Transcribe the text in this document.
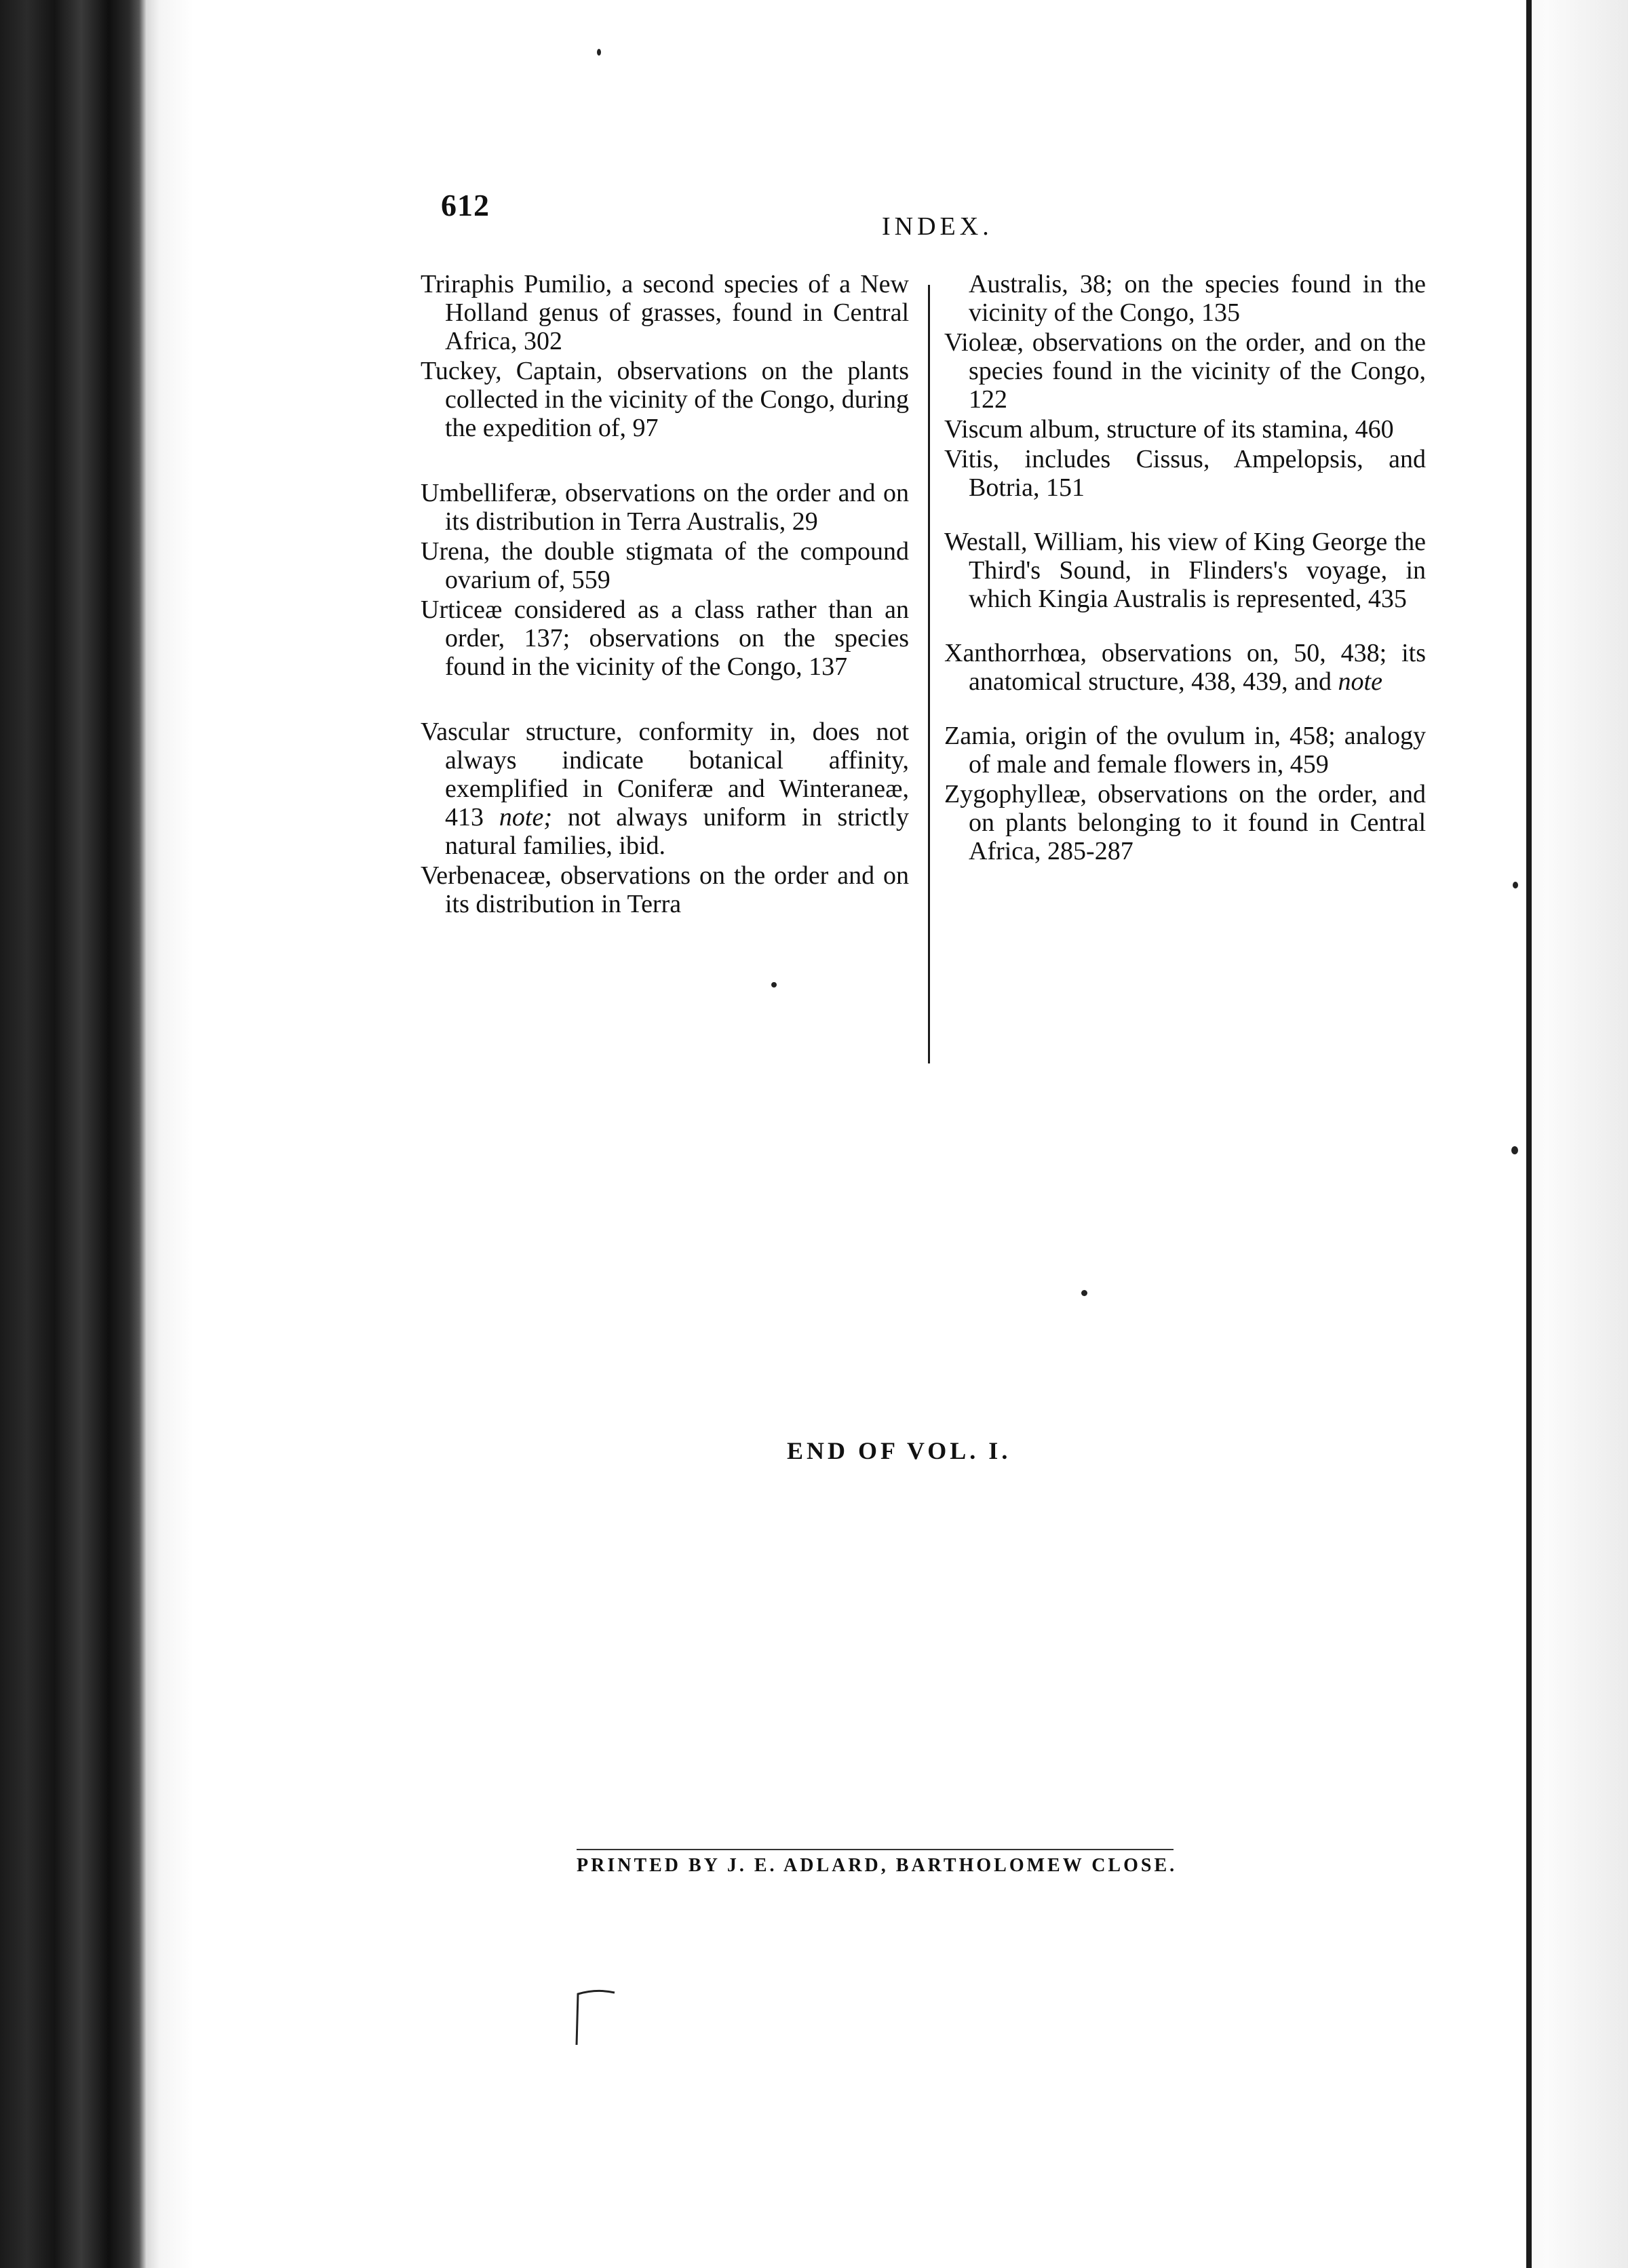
612
INDEX.

Triraphis Pumilio, a second species of a New Holland genus of grasses, found in Central Africa, 302

Tuckey, Captain, observations on the plants collected in the vicinity of the Congo, during the expedition of, 97

Umbelliferæ, observations on the order and on its distribution in Terra Australis, 29

Urena, the double stigmata of the compound ovarium of, 559

Urticeæ considered as a class rather than an order, 137; observations on the species found in the vicinity of the Congo, 137

Vascular structure, conformity in, does not always indicate botanical affinity, exemplified in Coniferæ and Winteraneæ, 413 note; not always uniform in strictly natural families, ibid.

Verbenaceæ, observations on the order and on its distribution in Terra

Australis, 38; on the species found in the vicinity of the Congo, 135

Violeæ, observations on the order, and on the species found in the vicinity of the Congo, 122

Viscum album, structure of its stamina, 460

Vitis, includes Cissus, Ampelopsis, and Botria, 151

Westall, William, his view of King George the Third's Sound, in Flinders's voyage, in which Kingia Australis is represented, 435

Xanthorrhœa, observations on, 50, 438; its anatomical structure, 438, 439, and note

Zamia, origin of the ovulum in, 458; analogy of male and female flowers in, 459

Zygophylleæ, observations on the order, and on plants belonging to it found in Central Africa, 285-287

END OF VOL. I.
PRINTED BY J. E. ADLARD, BARTHOLOMEW CLOSE.
